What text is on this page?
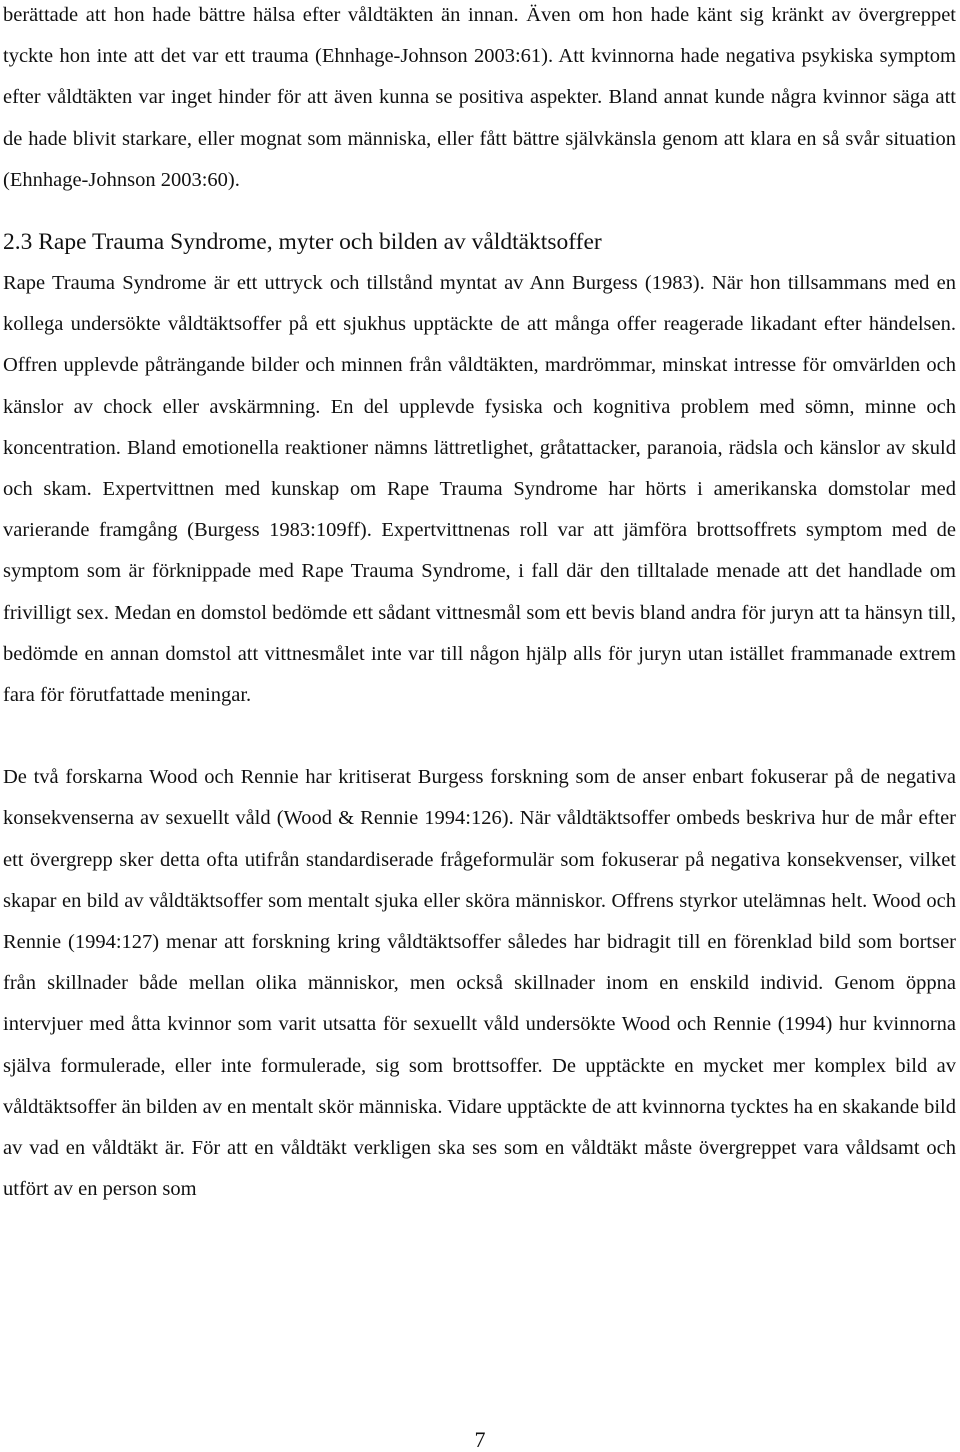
berättade att hon hade bättre hälsa efter våldtäkten än innan. Även om hon hade känt sig kränkt av övergreppet tyckte hon inte att det var ett trauma (Ehnhage-Johnson 2003:61). Att kvinnorna hade negativa psykiska symptom efter våldtäkten var inget hinder för att även kunna se positiva aspekter. Bland annat kunde några kvinnor säga att de hade blivit starkare, eller mognat som människa, eller fått bättre självkänsla genom att klara en så svår situation (Ehnhage-Johnson 2003:60).

2.3 Rape Trauma Syndrome, myter och bilden av våldtäktsoffer

Rape Trauma Syndrome är ett uttryck och tillstånd myntat av Ann Burgess (1983). När hon tillsammans med en kollega undersökte våldtäktsoffer på ett sjukhus upptäckte de att många offer reagerade likadant efter händelsen. Offren upplevde påträngande bilder och minnen från våldtäkten, mardrömmar, minskat intresse för omvärlden och känslor av chock eller avskärmning. En del upplevde fysiska och kognitiva problem med sömn, minne och koncentration. Bland emotionella reaktioner nämns lättretlighet, gråtattacker, paranoia, rädsla och känslor av skuld och skam. Expertvittnen med kunskap om Rape Trauma Syndrome har hörts i amerikanska domstolar med varierande framgång (Burgess 1983:109ff). Expertvittnenas roll var att jämföra brottsoffrets symptom med de symptom som är förknippade med Rape Trauma Syndrome, i fall där den tilltalade menade att det handlade om frivilligt sex. Medan en domstol bedömde ett sådant vittnesmål som ett bevis bland andra för juryn att ta hänsyn till, bedömde en annan domstol att vittnesmålet inte var till någon hjälp alls för juryn utan istället frammanade extrem fara för förutfattade meningar.

De två forskarna Wood och Rennie har kritiserat Burgess forskning som de anser enbart fokuserar på de negativa konsekvenserna av sexuellt våld (Wood & Rennie 1994:126). När våldtäktsoffer ombeds beskriva hur de mår efter ett övergrepp sker detta ofta utifrån standardiserade frågeformulär som fokuserar på negativa konsekvenser, vilket skapar en bild av våldtäktsoffer som mentalt sjuka eller sköra människor. Offrens styrkor utelämnas helt. Wood och Rennie (1994:127) menar att forskning kring våldtäktsoffer således har bidragit till en förenklad bild som bortser från skillnader både mellan olika människor, men också skillnader inom en enskild individ. Genom öppna intervjuer med åtta kvinnor som varit utsatta för sexuellt våld undersökte Wood och Rennie (1994) hur kvinnorna själva formulerade, eller inte formulerade, sig som brottsoffer. De upptäckte en mycket mer komplex bild av våldtäktsoffer än bilden av en mentalt skör människa. Vidare upptäckte de att kvinnorna tycktes ha en skakande bild av vad en våldtäkt är. För att en våldtäkt verkligen ska ses som en våldtäkt måste övergreppet vara våldsamt och utfört av en person som

7
